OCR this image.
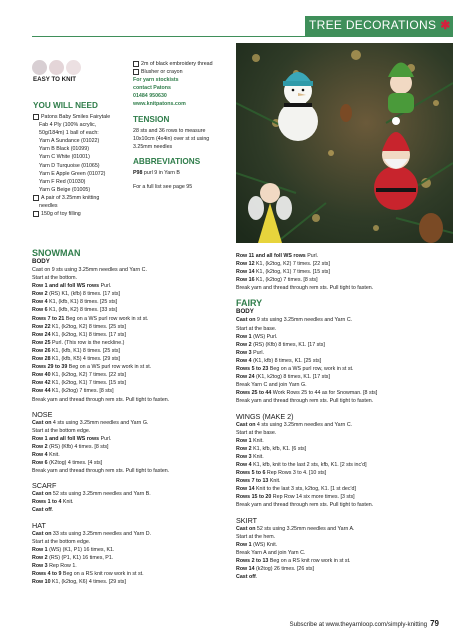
TREE DECORATIONS ✱
EASY TO KNIT
YOU WILL NEED
Patons Baby Smiles Fairytale
Fab 4 Ply (100% acrylic,
50g/184m) 1 ball of each:
Yarn A Sundance (01022)
Yarn B Black (01099)
Yarn C White (01001)
Yarn D Turquoise (01065)
Yarn E Apple Green (01072)
Yarn F Red (01030)
Yarn G Beige (01005)
A pair of 3.25mm knitting
needles
150g of toy filling
2m of black embroidery thread
Blusher or crayon
For yarn stockists
contact Patons
01484 950630
www.knitpatons.com
TENSION
28 sts and 36 rows to measure
10x10cm (4x4in) over st st using
3.25mm needles
ABBREVIATIONS
P98 purl 9 in Yarn B
For a full list see page 95
SNOWMAN
BODY
Cast on 9 sts using 3.25mm needles and Yarn C.
Start at the bottom.
Row 1 and all foll WS rows Purl.
Row 2 (RS) K1, (kfb) 8 times. [17 sts]
Row 4 K1, (kfb, K1) 8 times. [25 sts]
Row 6 K1, (kfb, K2) 8 times. [33 sts]
Rows 7 to 21 Beg on a WS purl row work in st st.
Row 22 K1, (k2tog, K2) 8 times. [25 sts]
Row 24 K1, (k2tog, K1) 8 times. [17 sts]
Row 25 Purl. (This row is the neckline.)
Row 26 K1, (kfb, K1) 8 times. [25 sts]
Row 28 K1, (kfb, K5) 4 times. [29 sts]
Rows 29 to 39 Beg on a WS purl row work in st st.
Row 40 K1, (k2tog, K2) 7 times. [22 sts]
Row 42 K1, (k2tog, K1) 7 times. [15 sts]
Row 44 K1, (k2tog) 7 times. [8 sts]
Break yarn and thread through rem sts. Pull tight to fasten.
NOSE
Cast on 4 sts using 3.25mm needles and Yarn G.
Start at the bottom edge.
Row 1 and all foll WS rows Purl.
Row 2 (RS) (Kfb) 4 times. [8 sts]
Row 4 Knit.
Row 6 (K2tog) 4 times. [4 sts]
Break yarn and thread through rem sts. Pull tight to fasten.
SCARF
Cast on 52 sts using 3.25mm needles and Yarn B.
Rows 1 to 4 Knit.
Cast off.
HAT
Cast on 33 sts using 3.25mm needles and Yarn D.
Start at the bottom edge.
Row 1 (WS) (K1, P1) 16 times, K1.
Row 2 (RS) (P1, K1) 16 times, P1.
Row 3 Rep Row 1.
Rows 4 to 9 Beg on a RS knit row work in st st.
Row 10 K1, (k2tog, K6) 4 times. [29 sts]
Row 11 and all foll WS rows Purl.
Row 12 K1, (k2tog, K2) 7 times. [22 sts]
Row 14 K1, (k2tog, K1) 7 times. [15 sts]
Row 16 K1, (k2tog) 7 times. [8 sts]
Break yarn and thread through rem sts. Pull tight to fasten.
FAIRY
BODY
Cast on 9 sts using 3.25mm needles and Yarn C.
Start at the base.
Row 1 (WS) Purl.
Row 2 (RS) (Kfb) 8 times, K1. [17 sts]
Row 3 Purl.
Row 4 (K1, kfb) 8 times, K1. [25 sts]
Rows 5 to 23 Beg on a WS purl row, work in st st.
Row 24 (K1, k2tog) 8 times, K1. [17 sts]
Break Yarn C and join Yarn G.
Rows 25 to 44 Work Rows 25 to 44 as for Snowman. [8 sts]
Break yarn and thread through rem sts. Pull tight to fasten.
WINGS (MAKE 2)
Cast on 4 sts using 3.25mm needles and Yarn C.
Start at the base.
Row 1 Knit.
Row 2 K1, kfb, kfb, K1. [6 sts]
Row 3 Knit.
Row 4 K1, kfb, knit to the last 2 sts, kfb, K1. [2 sts inc'd]
Rows 5 to 6 Rep Rows 3 to 4. [10 sts]
Rows 7 to 13 Knit.
Row 14 Knit to the last 3 sts, k2tog, K1. [1 st dec'd]
Rows 15 to 20 Rep Row 14 six more times. [3 sts]
Break yarn and thread through rem sts. Pull tight to fasten.
SKIRT
Cast on 52 sts using 3.25mm needles and Yarn A.
Start at the hem.
Row 1 (WS) Knit.
Break Yarn A and join Yarn C.
Rows 2 to 13 Beg on a RS knit row work in st st.
Row 14 (k2tog) 26 times. [26 sts]
Cast off.
Subscribe at www.theyarnloop.com/simply-knitting 79
